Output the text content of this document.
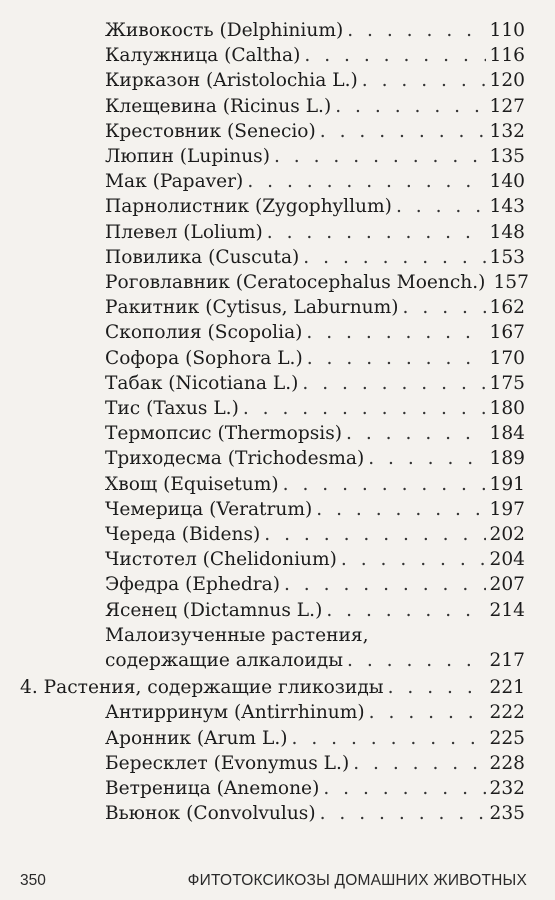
Живокость (Delphinium) . . .	110
Калужница (Caltha) . . .	116
Кирказон (Aristolochia L.) . . .	120
Клещевина (Ricinus L.) . . .	127
Крестовник (Senecio) . . .	132
Люпин (Lupinus) . . .	135
Мак (Papaver) . . .	140
Парнолистник (Zygophyllum) . . .	143
Плевел (Lolium) . . .	148
Повилика (Cuscuta) . . .	153
Роговлавник (Ceratocephalus Moench.) 157
Ракитник (Cytisus, Laburnum) . . .	162
Скополия (Scopolia) . . .	167
Софора (Sophora L.) . . .	170
Табак (Nicotiana L.) . . .	175
Тис (Taxus L.) . . .	180
Термопсис (Thermopsis) . . .	184
Триходесма (Trichodesma) . . .	189
Хвощ (Equisetum) . . .	191
Чемерица (Veratrum) . . .	197
Череда (Bidens) . . .	202
Чистотел (Chelidonium) . . .	204
Эфедра (Ephedra) . . .	207
Ясенец (Dictamnus L.) . . .	214
Малоизученные растения,
содержащие алкалоиды . . .	217
4. Растения, содержащие гликозиды . . .	221
Антирринум (Antirrhinum) . . .	222
Аронник (Arum L.) . . .	225
Бересклет (Evonymus L.) . . .	228
Ветреница (Anemone) . . .	232
Вьюнок (Convolvulus) . . .	235
350	ФИТОТОКСИКОЗЫ ДОМАШНИХ ЖИВОТНЫХ
